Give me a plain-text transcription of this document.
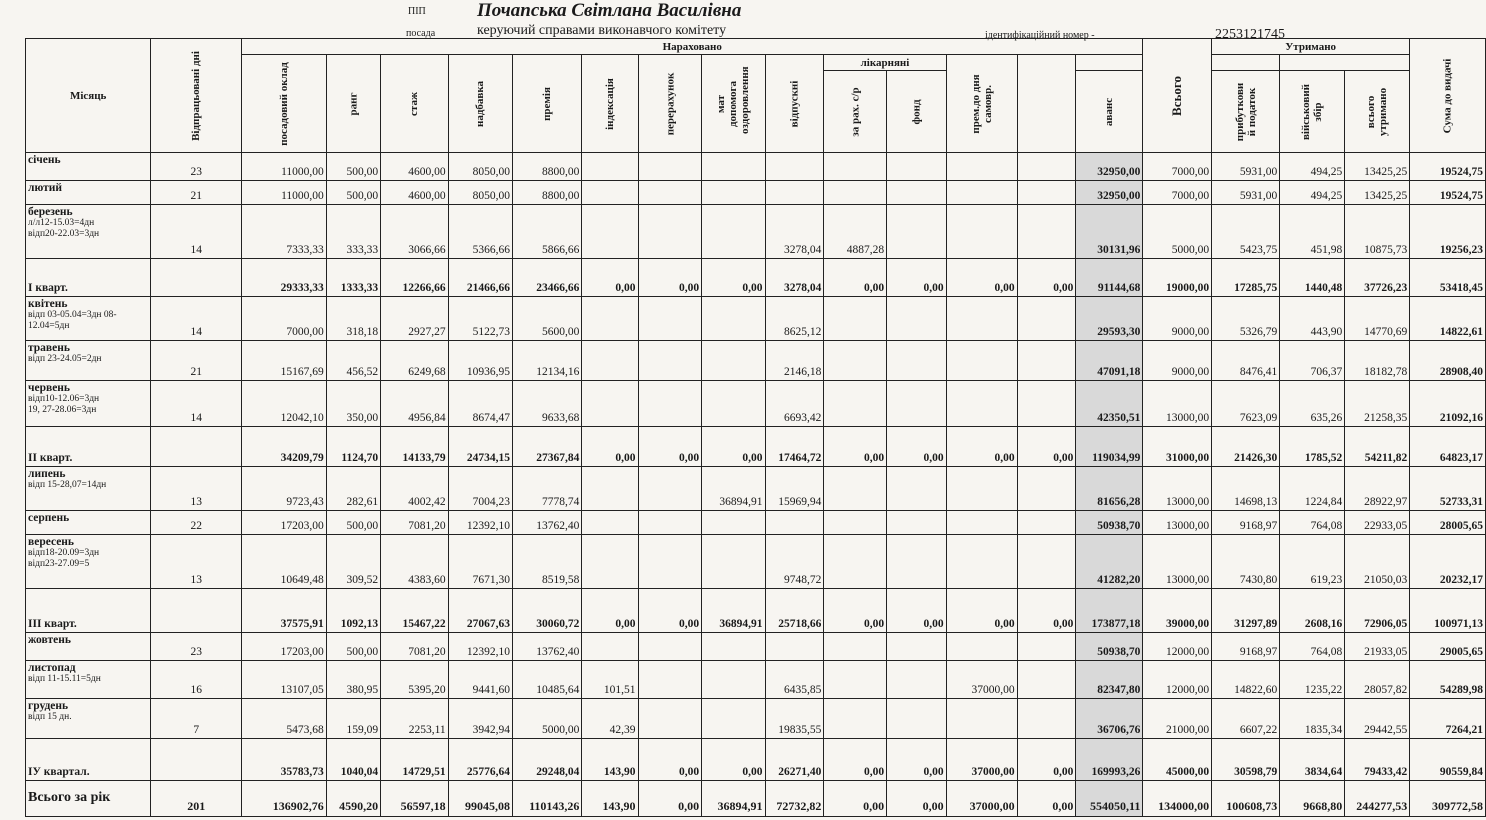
ПІП	Почапська Світлана Василівна
посада	керуючий справами виконавчого комітету	ідентифікаційний номер -	2253121745
Місяць	Відпрацьовані дні	Нараховано														Всього	Утримано			Сума до видачі
		посадовий оклад	ранг	стаж	надбавка	премія	індексація	перерахунок	мат допомога оздоровлення	відпускні	лікарняні		прем.до дня самовр.							
											за рах. с/р	фонд			аванс		прибуткови й податок	військовий збір	всього утримано	
січень	23	11000,00	500,00	4600,00	8050,00	8800,00									32950,00	7000,00	5931,00	494,25	13425,25	19524,75
лютий	21	11000,00	500,00	4600,00	8050,00	8800,00									32950,00	7000,00	5931,00	494,25	13425,25	19524,75
березень
л/л12-15.03=4дн
відп20-22.03=3дн	14	7333,33	333,33	3066,66	5366,66	5866,66				3278,04	4887,28				30131,96	5000,00	5423,75	451,98	10875,73	19256,23
І кварт.		29333,33	1333,33	12266,66	21466,66	23466,66	0,00	0,00	0,00	3278,04	0,00	0,00	0,00	0,00	91144,68	19000,00	17285,75	1440,48	37726,23	53418,45
квітень
відп 03-05.04=3дн 08-12.04=5дн	14	7000,00	318,18	2927,27	5122,73	5600,00				8625,12					29593,30	9000,00	5326,79	443,90	14770,69	14822,61
травень
відп 23-24.05=2дн	21	15167,69	456,52	6249,68	10936,95	12134,16				2146,18					47091,18	9000,00	8476,41	706,37	18182,78	28908,40
червень
відп10-12.06=3дн
19, 27-28.06=3дн	14	12042,10	350,00	4956,84	8674,47	9633,68				6693,42					42350,51	13000,00	7623,09	635,26	21258,35	21092,16
ІІ кварт.		34209,79	1124,70	14133,79	24734,15	27367,84	0,00	0,00	0,00	17464,72	0,00	0,00	0,00	0,00	119034,99	31000,00	21426,30	1785,52	54211,82	64823,17
липень
відп 15-28,07=14дн	13	9723,43	282,61	4002,42	7004,23	7778,74			36894,91	15969,94					81656,28	13000,00	14698,13	1224,84	28922,97	52733,31
серпень	22	17203,00	500,00	7081,20	12392,10	13762,40									50938,70	13000,00	9168,97	764,08	22933,05	28005,65
вересень
відп18-20.09=3дн
відп23-27.09=5	13	10649,48	309,52	4383,60	7671,30	8519,58				9748,72					41282,20	13000,00	7430,80	619,23	21050,03	20232,17
ІІІ кварт.		37575,91	1092,13	15467,22	27067,63	30060,72	0,00	0,00	36894,91	25718,66	0,00	0,00	0,00	0,00	173877,18	39000,00	31297,89	2608,16	72906,05	100971,13
жовтень	23	17203,00	500,00	7081,20	12392,10	13762,40									50938,70	12000,00	9168,97	764,08	21933,05	29005,65
листопад
відп 11-15.11=5дн	16	13107,05	380,95	5395,20	9441,60	10485,64	101,51			6435,85			37000,00		82347,80	12000,00	14822,60	1235,22	28057,82	54289,98
грудень
відп 15 дн.	7	5473,68	159,09	2253,11	3942,94	5000,00	42,39			19835,55					36706,76	21000,00	6607,22	1835,34	29442,55	7264,21
ІУ квартал.		35783,73	1040,04	14729,51	25776,64	29248,04	143,90	0,00	0,00	26271,40	0,00	0,00	37000,00	0,00	169993,26	45000,00	30598,79	3834,64	79433,42	90559,84
Всього за рік	201	136902,76	4590,20	56597,18	99045,08	110143,26	143,90	0,00	36894,91	72732,82	0,00	0,00	37000,00	0,00	554050,11	134000,00	100608,73	9668,80	244277,53	309772,58
